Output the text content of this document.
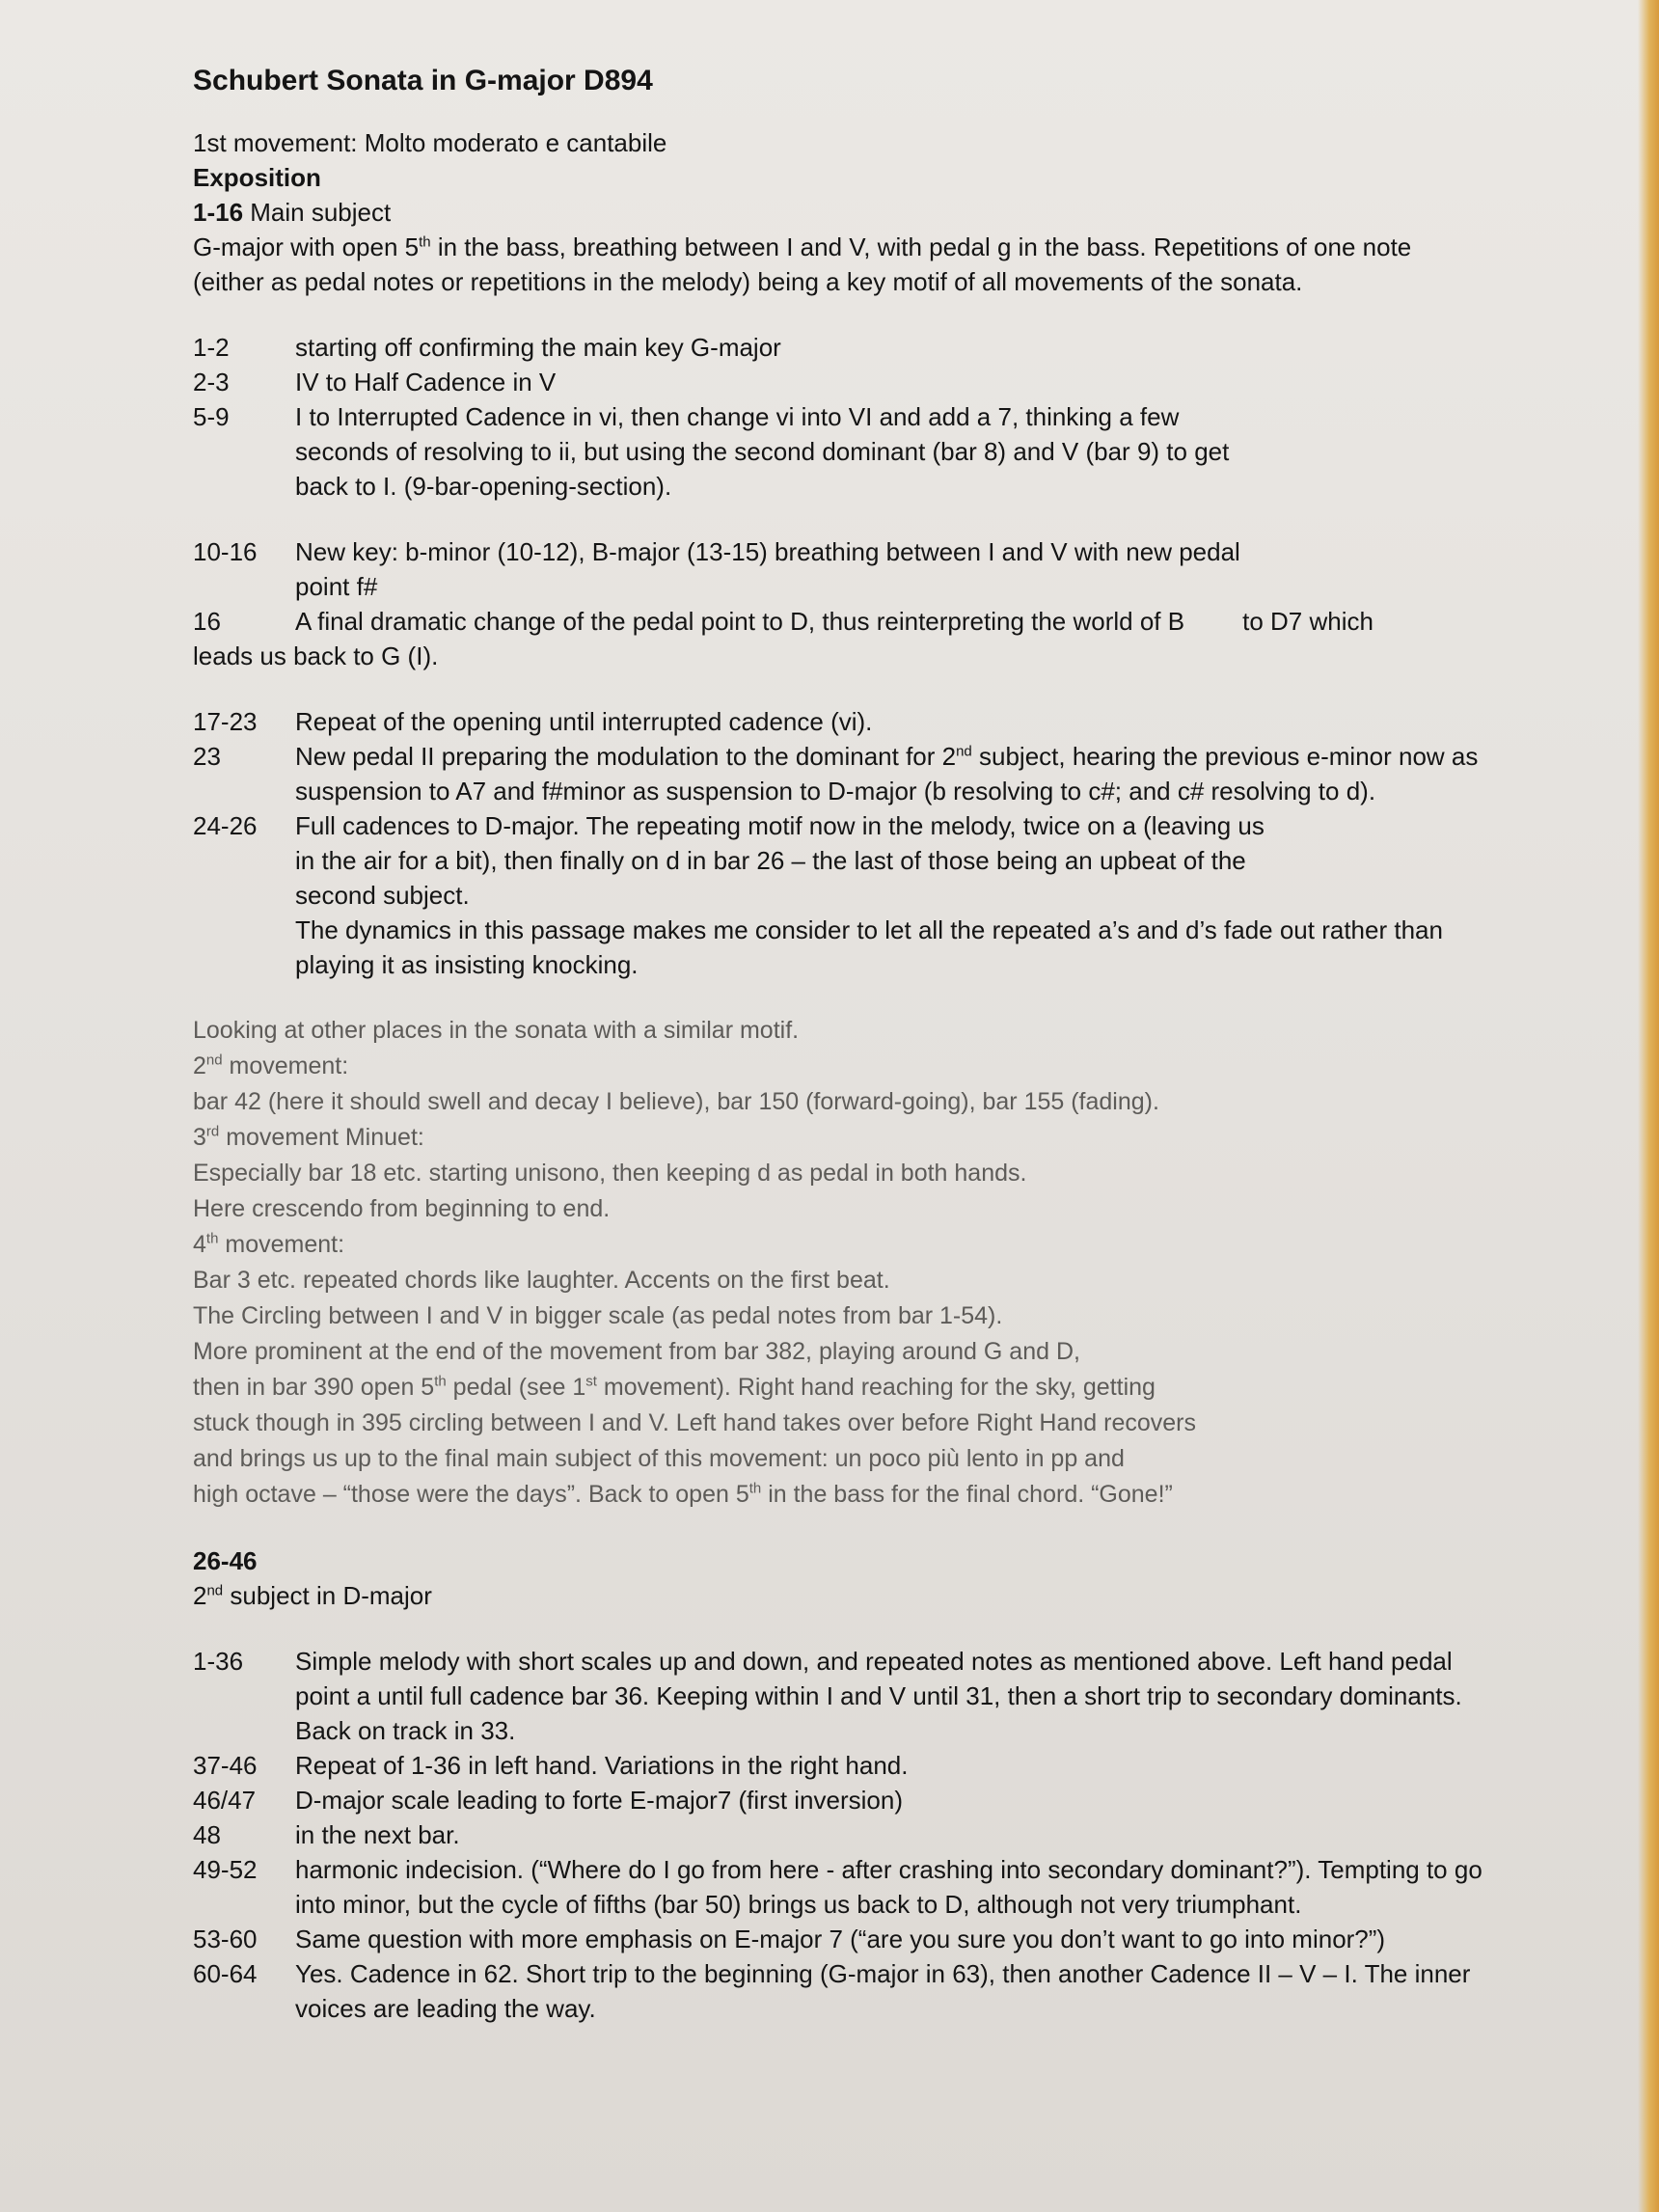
Schubert Sonata in G-major D894
1st movement: Molto moderato e cantabile
Exposition
1-16 Main subject
G-major with open 5th in the bass, breathing between I and V, with pedal g in the bass. Repetitions of one note (either as pedal notes or repetitions in the melody) being a key motif of all movements of the sonata.
1-2	starting off confirming the main key G-major
2-3	IV to Half Cadence in V
5-9	I to Interrupted Cadence in vi, then change vi into VI and add a 7, thinking a few seconds of resolving to ii, but using the second dominant (bar 8) and V (bar 9) to get back to I. (9-bar-opening-section).
10-16	New key: b-minor (10-12), B-major (13-15) breathing between I and V with new pedal point f#
16	A final dramatic change of the pedal point to D, thus reinterpreting the world of B to D7 which
leads us back to G (I).
17-23	Repeat of the opening until interrupted cadence (vi).
23	New pedal II preparing the modulation to the dominant for 2nd subject, hearing the previous e-minor now as suspension to A7 and f#minor as suspension to D-major (b resolving to c#; and c# resolving to d).
24-26	Full cadences to D-major. The repeating motif now in the melody, twice on a (leaving us in the air for a bit), then finally on d in bar 26 – the last of those being an upbeat of the second subject.
The dynamics in this passage makes me consider to let all the repeated a’s and d’s fade out rather than playing it as insisting knocking.
Looking at other places in the sonata with a similar motif.
2nd movement:
bar 42 (here it should swell and decay I believe), bar 150 (forward-going), bar 155 (fading).
3rd movement Minuet:
Especially bar 18 etc. starting unisono, then keeping d as pedal in both hands.
Here crescendo from beginning to end.
4th movement:
Bar 3 etc. repeated chords like laughter. Accents on the first beat.
The Circling between I and V in bigger scale (as pedal notes from bar 1-54).
More prominent at the end of the movement from bar 382, playing around G and D,
then in bar 390 open 5th pedal (see 1st movement). Right hand reaching for the sky, getting
stuck though in 395 circling between I and V. Left hand takes over before Right Hand recovers
and brings us up to the final main subject of this movement: un poco più lento in pp and
high octave – “those were the days”. Back to open 5th in the bass for the final chord. “Gone!”
26-46
2nd subject in D-major
1-36	Simple melody with short scales up and down, and repeated notes as mentioned above. Left hand pedal point a until full cadence bar 36. Keeping within I and V until 31, then a short trip to secondary dominants. Back on track in 33.
37-46	Repeat of 1-36 in left hand. Variations in the right hand.
46/47	D-major scale leading to forte E-major7 (first inversion)
48	in the next bar.
49-52	harmonic indecision. (“Where do I go from here - after crashing into secondary dominant?”). Tempting to go into minor, but the cycle of fifths (bar 50) brings us back to D, although not very triumphant.
53-60	Same question with more emphasis on E-major 7 (“are you sure you don’t want to go into minor?”)
60-64	Yes. Cadence in 62. Short trip to the beginning (G-major in 63), then another Cadence II – V – I. The inner voices are leading the way.
